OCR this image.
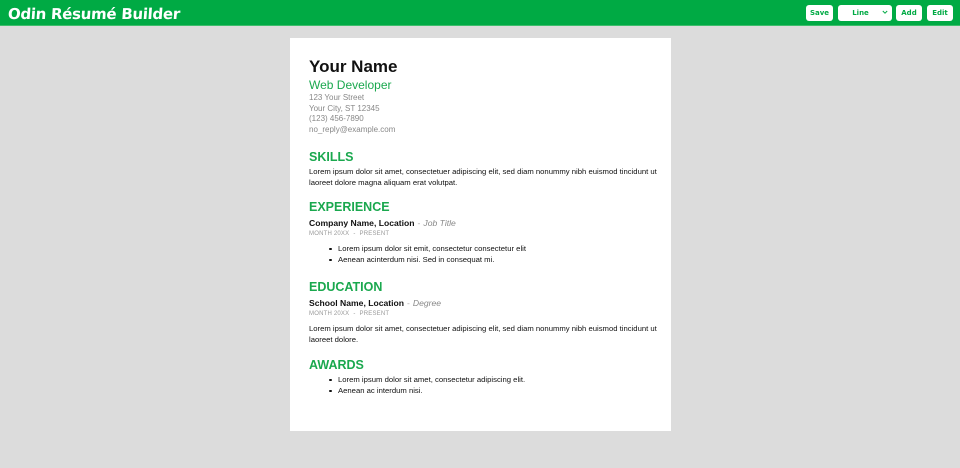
Odin Résumé Builder	Save	Line	Add	Edit
Your Name
Web Developer
123 Your Street
Your City, ST 12345
(123) 456-7890
no_reply@example.com
SKILLS
Lorem ipsum dolor sit amet, consectetuer adipiscing elit, sed diam nonummy nibh euismod tincidunt ut laoreet dolore magna aliquam erat volutpat.
EXPERIENCE
Company Name, Location - Job Title
MONTH 20XX - PRESENT
Lorem ipsum dolor sit emit, consectetur consectetur elit
Aenean acinterdum nisi. Sed in consequat mi.
EDUCATION
School Name, Location - Degree
MONTH 20XX - PRESENT
Lorem ipsum dolor sit amet, consectetuer adipiscing elit, sed diam nonummy nibh euismod tincidunt ut laoreet dolore.
AWARDS
Lorem ipsum dolor sit amet, consectetur adipiscing elit.
Aenean ac interdum nisi.
